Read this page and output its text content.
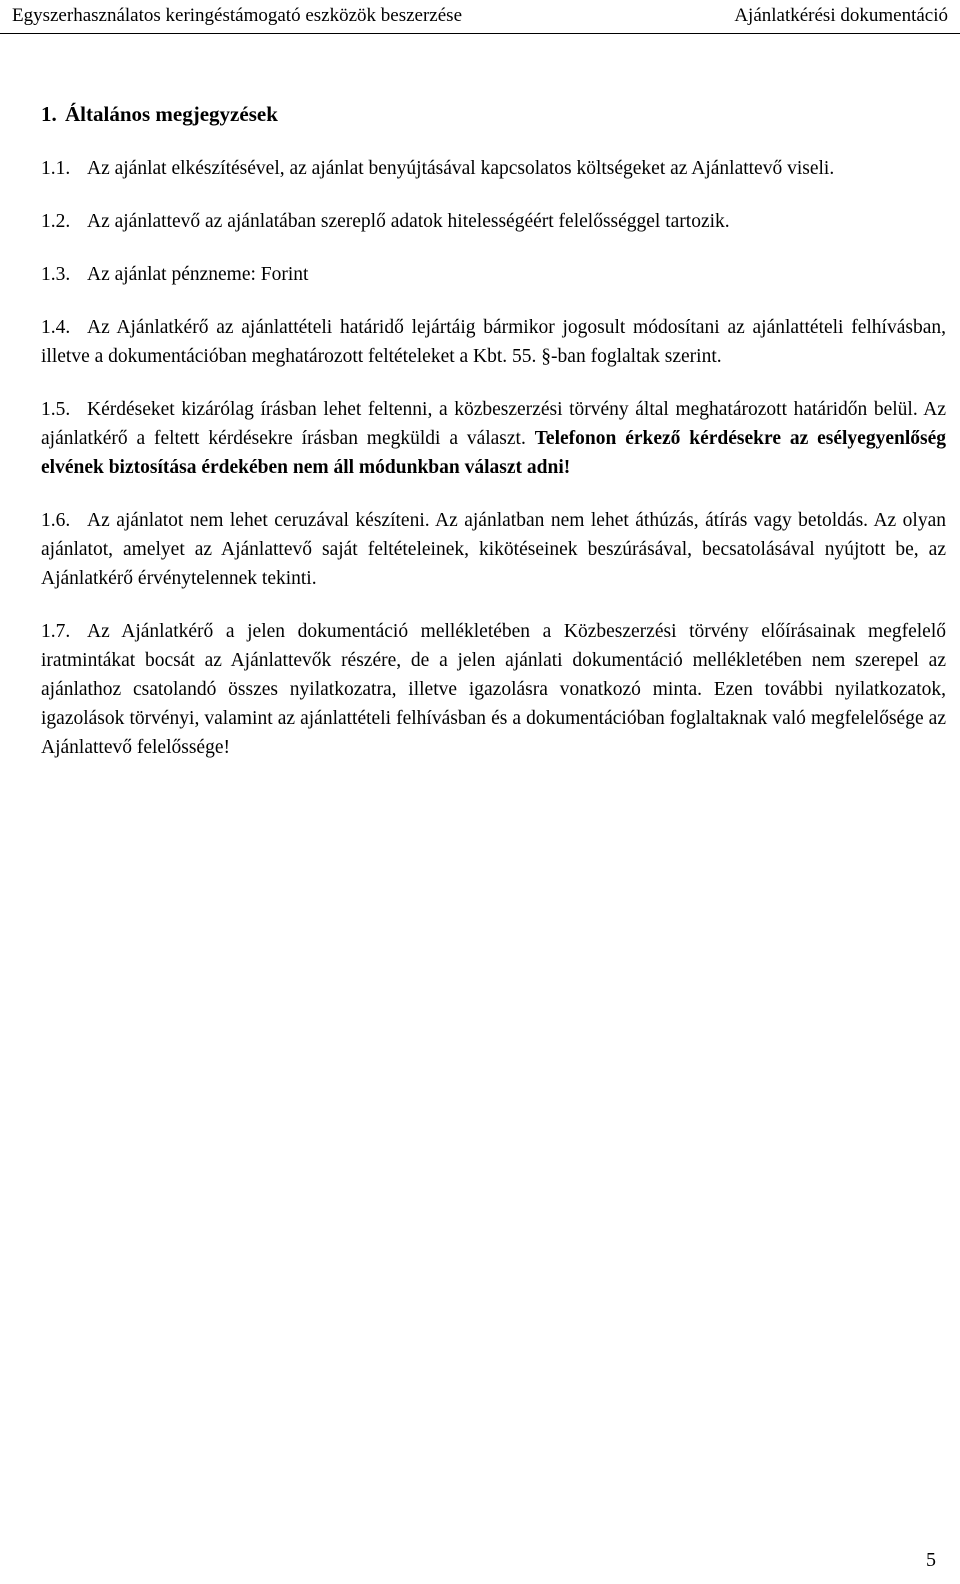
Egyszerhasználatos keringéstámogató eszközök beszerzése	Ajánlatkérési dokumentáció
1. Általános megjegyzések

1.1. Az ajánlat elkészítésével, az ajánlat benyújtásával kapcsolatos költségeket az Ajánlattevő viseli.

1.2. Az ajánlattevő az ajánlatában szereplő adatok hitelességéért felelősséggel tartozik.

1.3. Az ajánlat pénzneme: Forint

1.4. Az Ajánlatkérő az ajánlattételi határidő lejártáig bármikor jogosult módosítani az ajánlattételi felhívásban, illetve a dokumentációban meghatározott feltételeket a Kbt. 55. §-ban foglaltak szerint.

1.5. Kérdéseket kizárólag írásban lehet feltenni, a közbeszerzési törvény által meghatározott határidőn belül. Az ajánlatkérő a feltett kérdésekre írásban megküldi a választ. Telefonon érkező kérdésekre az esélyegyenlőség elvének biztosítása érdekében nem áll módunkban választ adni!

1.6. Az ajánlatot nem lehet ceruzával készíteni. Az ajánlatban nem lehet áthúzás, átírás vagy betoldás. Az olyan ajánlatot, amelyet az Ajánlattevő saját feltételeinek, kikötéseinek beszúrásával, becsatolásával nyújtott be, az Ajánlatkérő érvénytelennek tekinti.

1.7. Az Ajánlatkérő a jelen dokumentáció mellékletében a Közbeszerzési törvény előírásainak megfelelő iratmintákat bocsát az Ajánlattevők részére, de a jelen ajánlati dokumentáció mellékletében nem szerepel az ajánlathoz csatolandó összes nyilatkozatra, illetve igazolásra vonatkozó minta. Ezen további nyilatkozatok, igazolások törvényi, valamint az ajánlattételi felhívásban és a dokumentációban foglaltaknak való megfelelősége az Ajánlattevő felelőssége!

5
